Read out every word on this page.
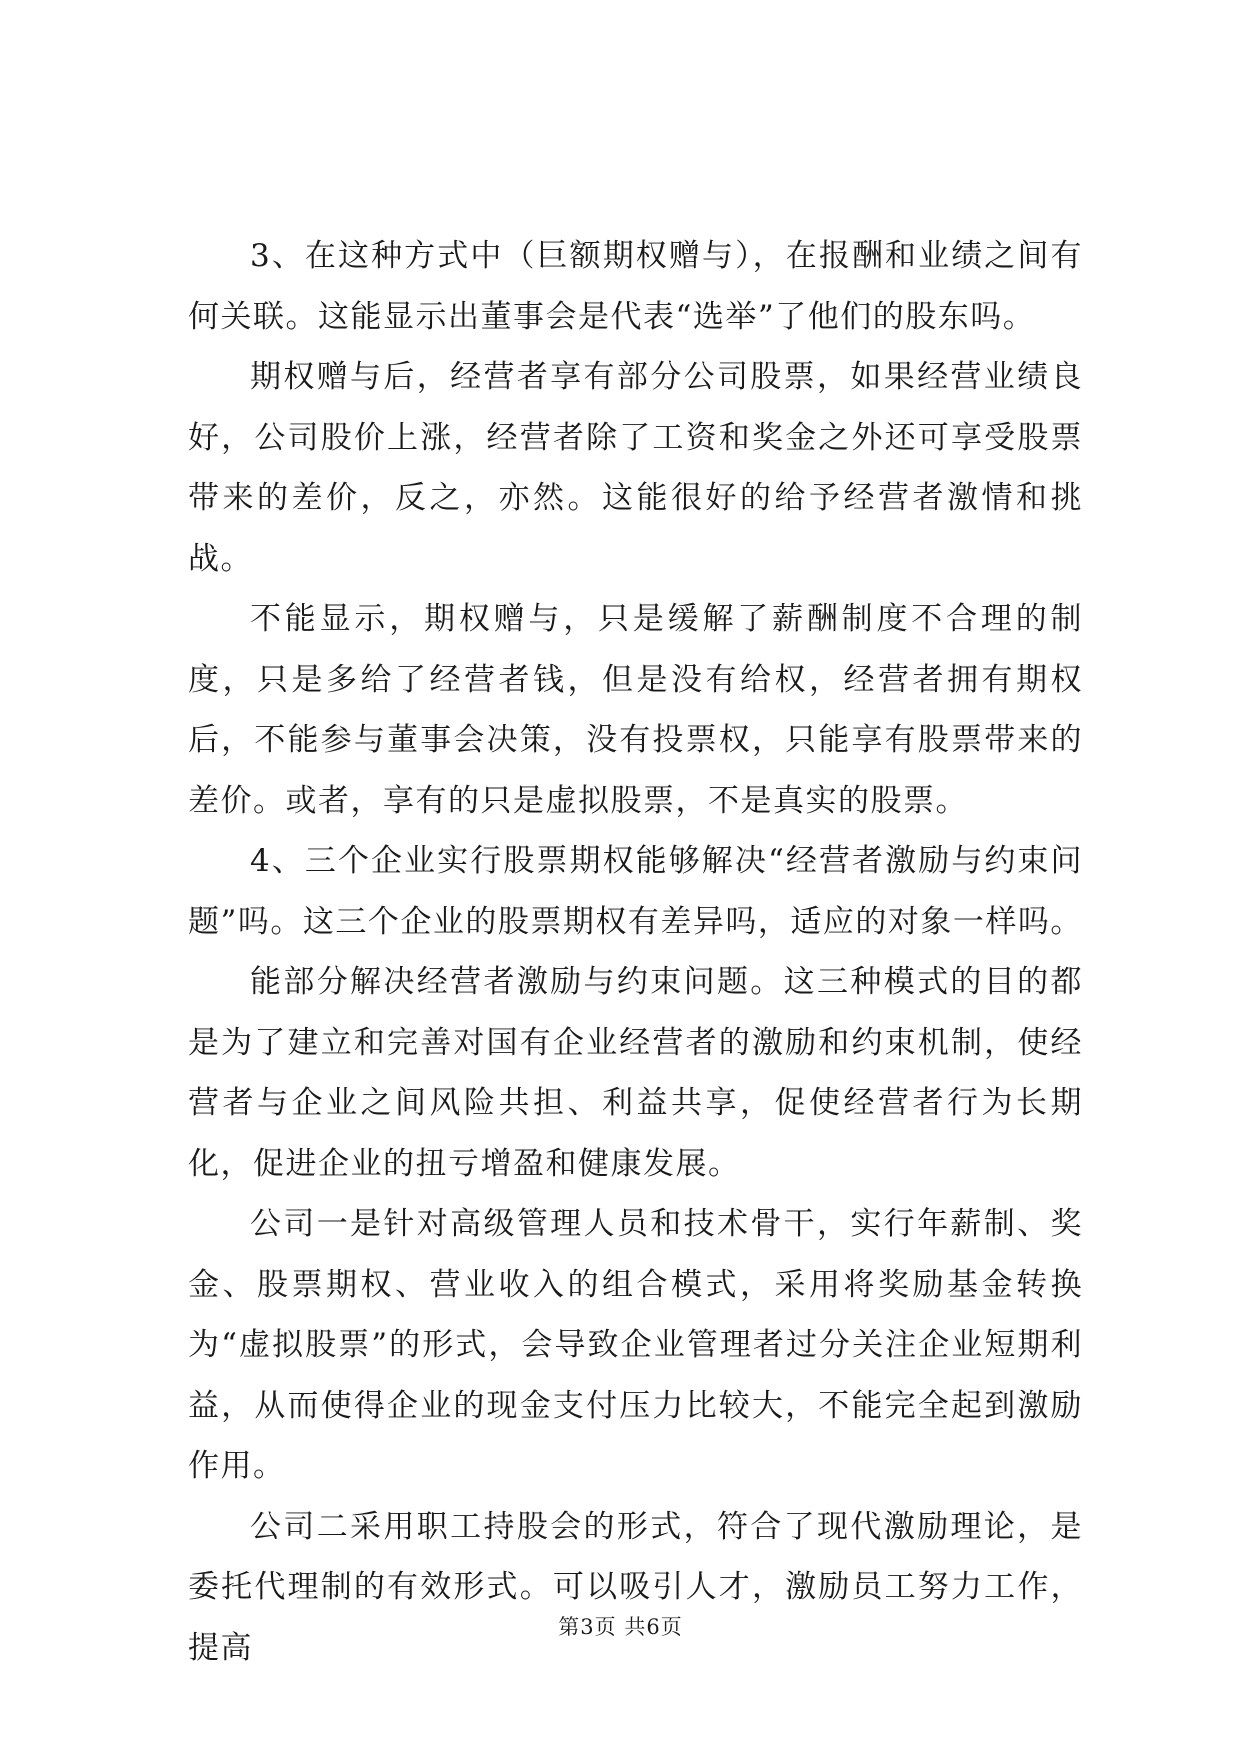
3、在这种方式中（巨额期权赠与），在报酬和业绩之间有何关联。这能显示出董事会是代表“选举”了他们的股东吗。

期权赠与后，经营者享有部分公司股票，如果经营业绩良好，公司股价上涨，经营者除了工资和奖金之外还可享受股票带来的差价，反之，亦然。这能很好的给予经营者激情和挑战。

不能显示，期权赠与，只是缓解了薪酬制度不合理的制度，只是多给了经营者钱，但是没有给权，经营者拥有期权后，不能参与董事会决策，没有投票权，只能享有股票带来的差价。或者，享有的只是虚拟股票，不是真实的股票。

4、三个企业实行股票期权能够解决“经营者激励与约束问题”吗。这三个企业的股票期权有差异吗，适应的对象一样吗。

能部分解决经营者激励与约束问题。这三种模式的目的都是为了建立和完善对国有企业经营者的激励和约束机制，使经营者与企业之间风险共担、利益共享，促使经营者行为长期化，促进企业的扭亏增盈和健康发展。

公司一是针对高级管理人员和技术骨干，实行年薪制、奖金、股票期权、营业收入的组合模式，采用将奖励基金转换为“虚拟股票”的形式，会导致企业管理者过分关注企业短期利益，从而使得企业的现金支付压力比较大，不能完全起到激励作用。

公司二采用职工持股会的形式，符合了现代激励理论，是委托代理制的有效形式。可以吸引人才，激励员工努力工作，提高

第3页 共6页
